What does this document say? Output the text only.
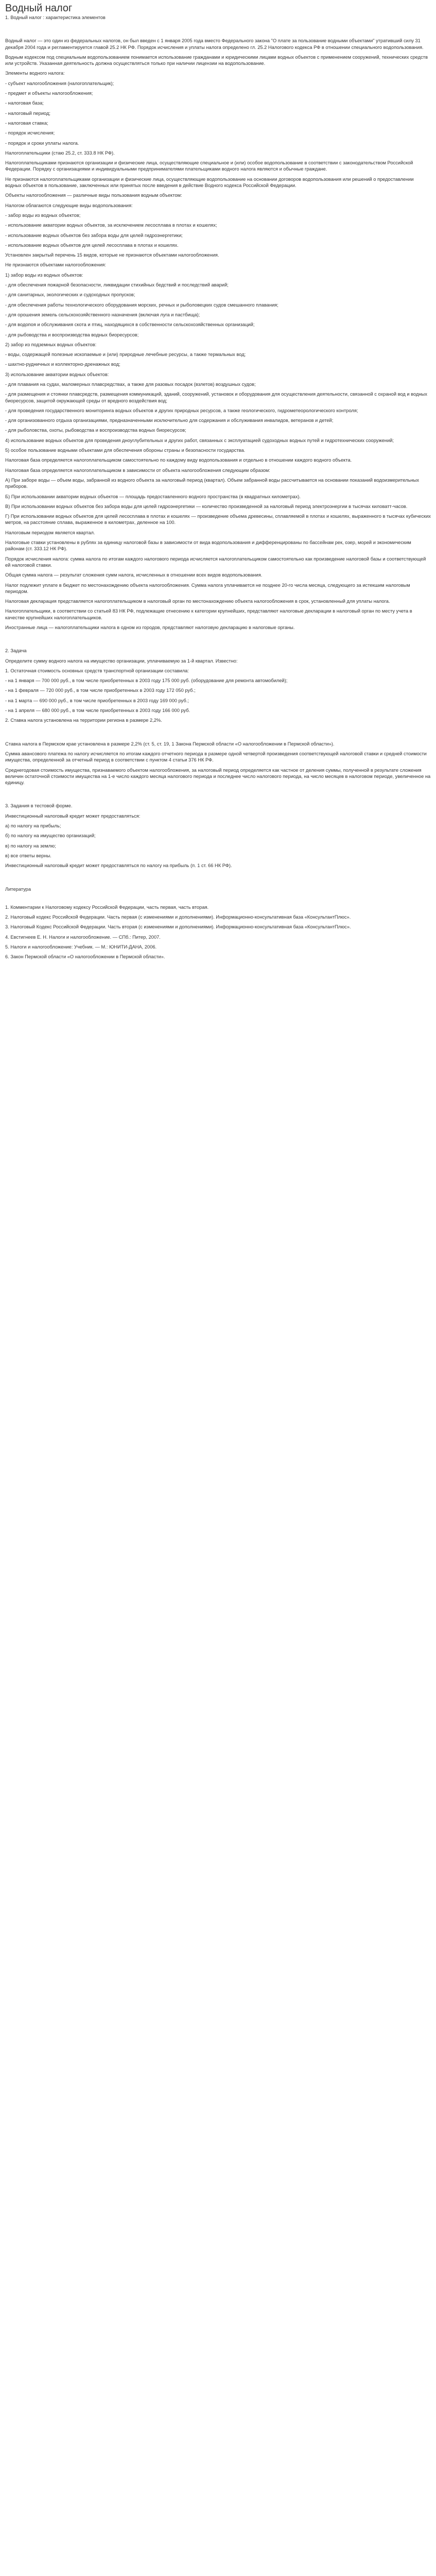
Водный налог

1. Водный налог : характеристика элементов

Водный налог — это один из федеральных налогов, он был введен с 1 января 2005 года вместо Федерального закона "О плате за пользование водными объектами" утративший силу 31 декабря 2004 года и регламентируется главой 25.2 НК РФ. Порядок исчисления и уплаты налога определено гл. 25.2 Налогового кодекса РФ в отношении специального водопользования.

Водным кодексом под специальным водопользованием понимается использование гражданами и юридическими лицами водных объектов с применением сооружений, технических средств или устройств. Указанная деятельность должна осуществляться только при наличии лицензии на водопользование.

Элементы водного налога:

- субъект налогообложения (налогоплательщик);

- предмет и объекты налогообложения;

- налоговая база;

- налоговый период;

- налоговая ставка;

- порядок исчисления;

- порядок и сроки уплаты налога.

Налогоплательщики (стаю 25.2, ст. 333.8 НК РФ).

Налогоплательщиками признаются организации и физические лица, осуществляющие специальное и (или) особое водопользование в соответствии с законодательством Российской Федерации. Порядку с организациями и индивидуальными предпринимателями плательщиками водного налога являются и обычные граждане.

Не признаются налогоплательщиками организации и физические лица, осуществляющие водопользование на основании договоров водопользования или решений о предоставлении водных объектов в пользование, заключенных или принятых после введения в действие Водного кодекса Российской Федерации.

Объекты налогообложения — различные виды пользования водным объектом:

Налогом облагаются следующие виды водопользования:

- забор воды из водных объектов;

- использование акватории водных объектов, за исключением лесосплава в плотах и кошелях;

- использование водных объектов без забора воды для целей гидроэнергетики;

- использование водных объектов для целей лесосплава в плотах и кошелях.

Установлен закрытый перечень 15 видов, которые не признаются объектами налогообложения.

Не признаются объектами налогообложения:

1) забор воды из водных объектов:

- для обеспечения пожарной безопасности, ликвидации стихийных бедствий и последствий аварий;

- для санитарных, экологических и судоходных пропусков;

- для обеспечения работы технологического оборудования морских, речных и рыболовецких судов смешанного плавания;

- для орошения земель сельскохозяйственного назначения (включая луга и пастбища);

- для водопоя и обслуживания скота и птиц, находящихся в собственности сельскохозяйственных организаций;

- для рыбоводства и воспроизводства водных биоресурсов;

2) забор из подземных водных объектов:

- воды, содержащей полезные ископаемые и (или) природные лечебные ресурсы, а также термальных вод;

- шахтно-рудничных и коллекторно-дренажных вод;

3) использование акватории водных объектов:

- для плавания на судах, маломерных плавсредствах, а также для разовых посадок (взлетов) воздушных судов;

- для размещения и стоянки плавсредств, размещения коммуникаций, зданий, сооружений, установок и оборудования для осуществления деятельности, связанной с охраной вод и водных биоресурсов, защитой окружающей среды от вредного воздействия вод;

- для проведения государственного мониторинга водных объектов и других природных ресурсов, а также геологического, гидрометеорологического контроля;

- для организованного отдыха организациями, предназначенными исключительно для содержания и обслуживания инвалидов, ветеранов и детей;

- для рыболовства, охоты, рыбоводства и воспроизводства водных биоресурсов;

4) использование водных объектов для проведения дноуглубительных и других работ, связанных с эксплуатацией судоходных водных путей и гидротехнических сооружений;

5) особое пользование водными объектами для обеспечения обороны страны и безопасности государства.

Налоговая база определяется налогоплательщиком самостоятельно по каждому виду водопользования и отдельно в отношении каждого водного объекта.

Налоговая база определяется налогоплательщиком в зависимости от объекта налогообложения следующим образом:

А) При заборе воды — объем воды, забранной из водного объекта за налоговый период (квартал). Объем забранной воды рассчитывается на основании показаний водоизмерительных приборов.

Б) При использовании акватории водных объектов — площадь предоставленного водного пространства (в квадратных километрах).

В) При использовании водных объектов без забора воды для целей гидроэнергетики — количество произведенной за налоговый период электроэнергии в тысячах киловатт-часов.

Г) При использовании водных объектов для целей лесосплава в плотах и кошелях — произведение объема древесины, сплавляемой в плотах и кошелях, выраженного в тысячах кубических метров, на расстояние сплава, выраженное в километрах, деленное на 100.

Налоговым периодом является квартал.

Налоговые ставки установлены в рублях за единицу налоговой базы в зависимости от вида водопользования и дифференцированы по бассейнам рек, озер, морей и экономическим районам (ст. 333.12 НК РФ).

Порядок исчисления налога: сумма налога по итогам каждого налогового периода исчисляется налогоплательщиком самостоятельно как произведение налоговой базы и соответствующей ей налоговой ставки.

Общая сумма налога — результат сложения сумм налога, исчисленных в отношении всех видов водопользования.

Налог подлежит уплате в бюджет по местонахождению объекта налогообложения. Сумма налога уплачивается не позднее 20-го числа месяца, следующего за истекшим налоговым периодом.

Налоговая декларация представляется налогоплательщиком в налоговый орган по местонахождению объекта налогообложения в срок, установленный для уплаты налога.

Налогоплательщики, в соответствии со статьей 83 НК РФ, подлежащие отнесению к категории крупнейших, представляют налоговые декларации в налоговый орган по месту учета в качестве крупнейших налогоплательщиков.

Иностранные лица — налогоплательщики налога в одном из городов, представляют налоговую декларацию в налоговые органы.

2. Задача

Определите сумму водного налога на имущество организации, уплачиваемую за 1-й квартал. Известно:

1. Остаточная стоимость основных средств транспортной организации составила:

- на 1 января — 700 000 руб., в том числе приобретенных в 2003 году 175 000 руб. (оборудование для ремонта автомобилей);

- на 1 февраля — 720 000 руб., в том числе приобретенных в 2003 году 172 050 руб.;

- на 1 марта — 690 000 руб., в том числе приобретенных в 2003 году 169 000 руб.;

- на 1 апреля — 680 000 руб., в том числе приобретенных в 2003 году 166 000 руб.

2. Ставка налога установлена на территории региона в размере 2,2%.

Ставка налога в Пермском крае установлена в размере 2,2% (ст. 5, ст. 19, 1 Закона Пермской области «О налогообложении в Пермской области»).

Сумма авансового платежа по налогу исчисляется по итогам каждого отчетного периода в размере одной четвертой произведения соответствующей налоговой ставки и средней стоимости имущества, определенной за отчетный период в соответствии с пунктом 4 статьи 376 НК РФ.

Среднегодовая стоимость имущества, признаваемого объектом налогообложения, за налоговый период определяется как частное от деления суммы, полученной в результате сложения величин остаточной стоимости имущества на 1-е число каждого месяца налогового периода и последнее число налогового периода, на число месяцев в налоговом периоде, увеличенное на единицу.

3. Задания в тестовой форме.

Инвестиционный налоговый кредит может предоставляться:

а) по налогу на прибыль;

б) по налогу на имущество организаций;

в) по налогу на землю;

в) все ответы верны.

Инвестиционный налоговый кредит может предоставляться по налогу на прибыль (п. 1 ст. 66 НК РФ).

Литература

1. Комментарии к Налоговому кодексу Российской Федерации, часть первая, часть вторая.

2. Налоговый кодекс Российской Федерации. Часть первая (с изменениями и дополнениями). Информационно-консультативная база «КонсультантПлюс».

3. Налоговый Кодекс Российской Федерации. Часть вторая (с изменениями и дополнениями). Информационно-консультативная база «КонсультантПлюс».

4. Евстигнеев Е. Н. Налоги и налогообложение. — СПб.: Питер, 2007.

5. Налоги и налогообложение: Учебник. — М.: ЮНИТИ-ДАНА, 2006.

6. Закон Пермской области «О налогообложении в Пермской области».
